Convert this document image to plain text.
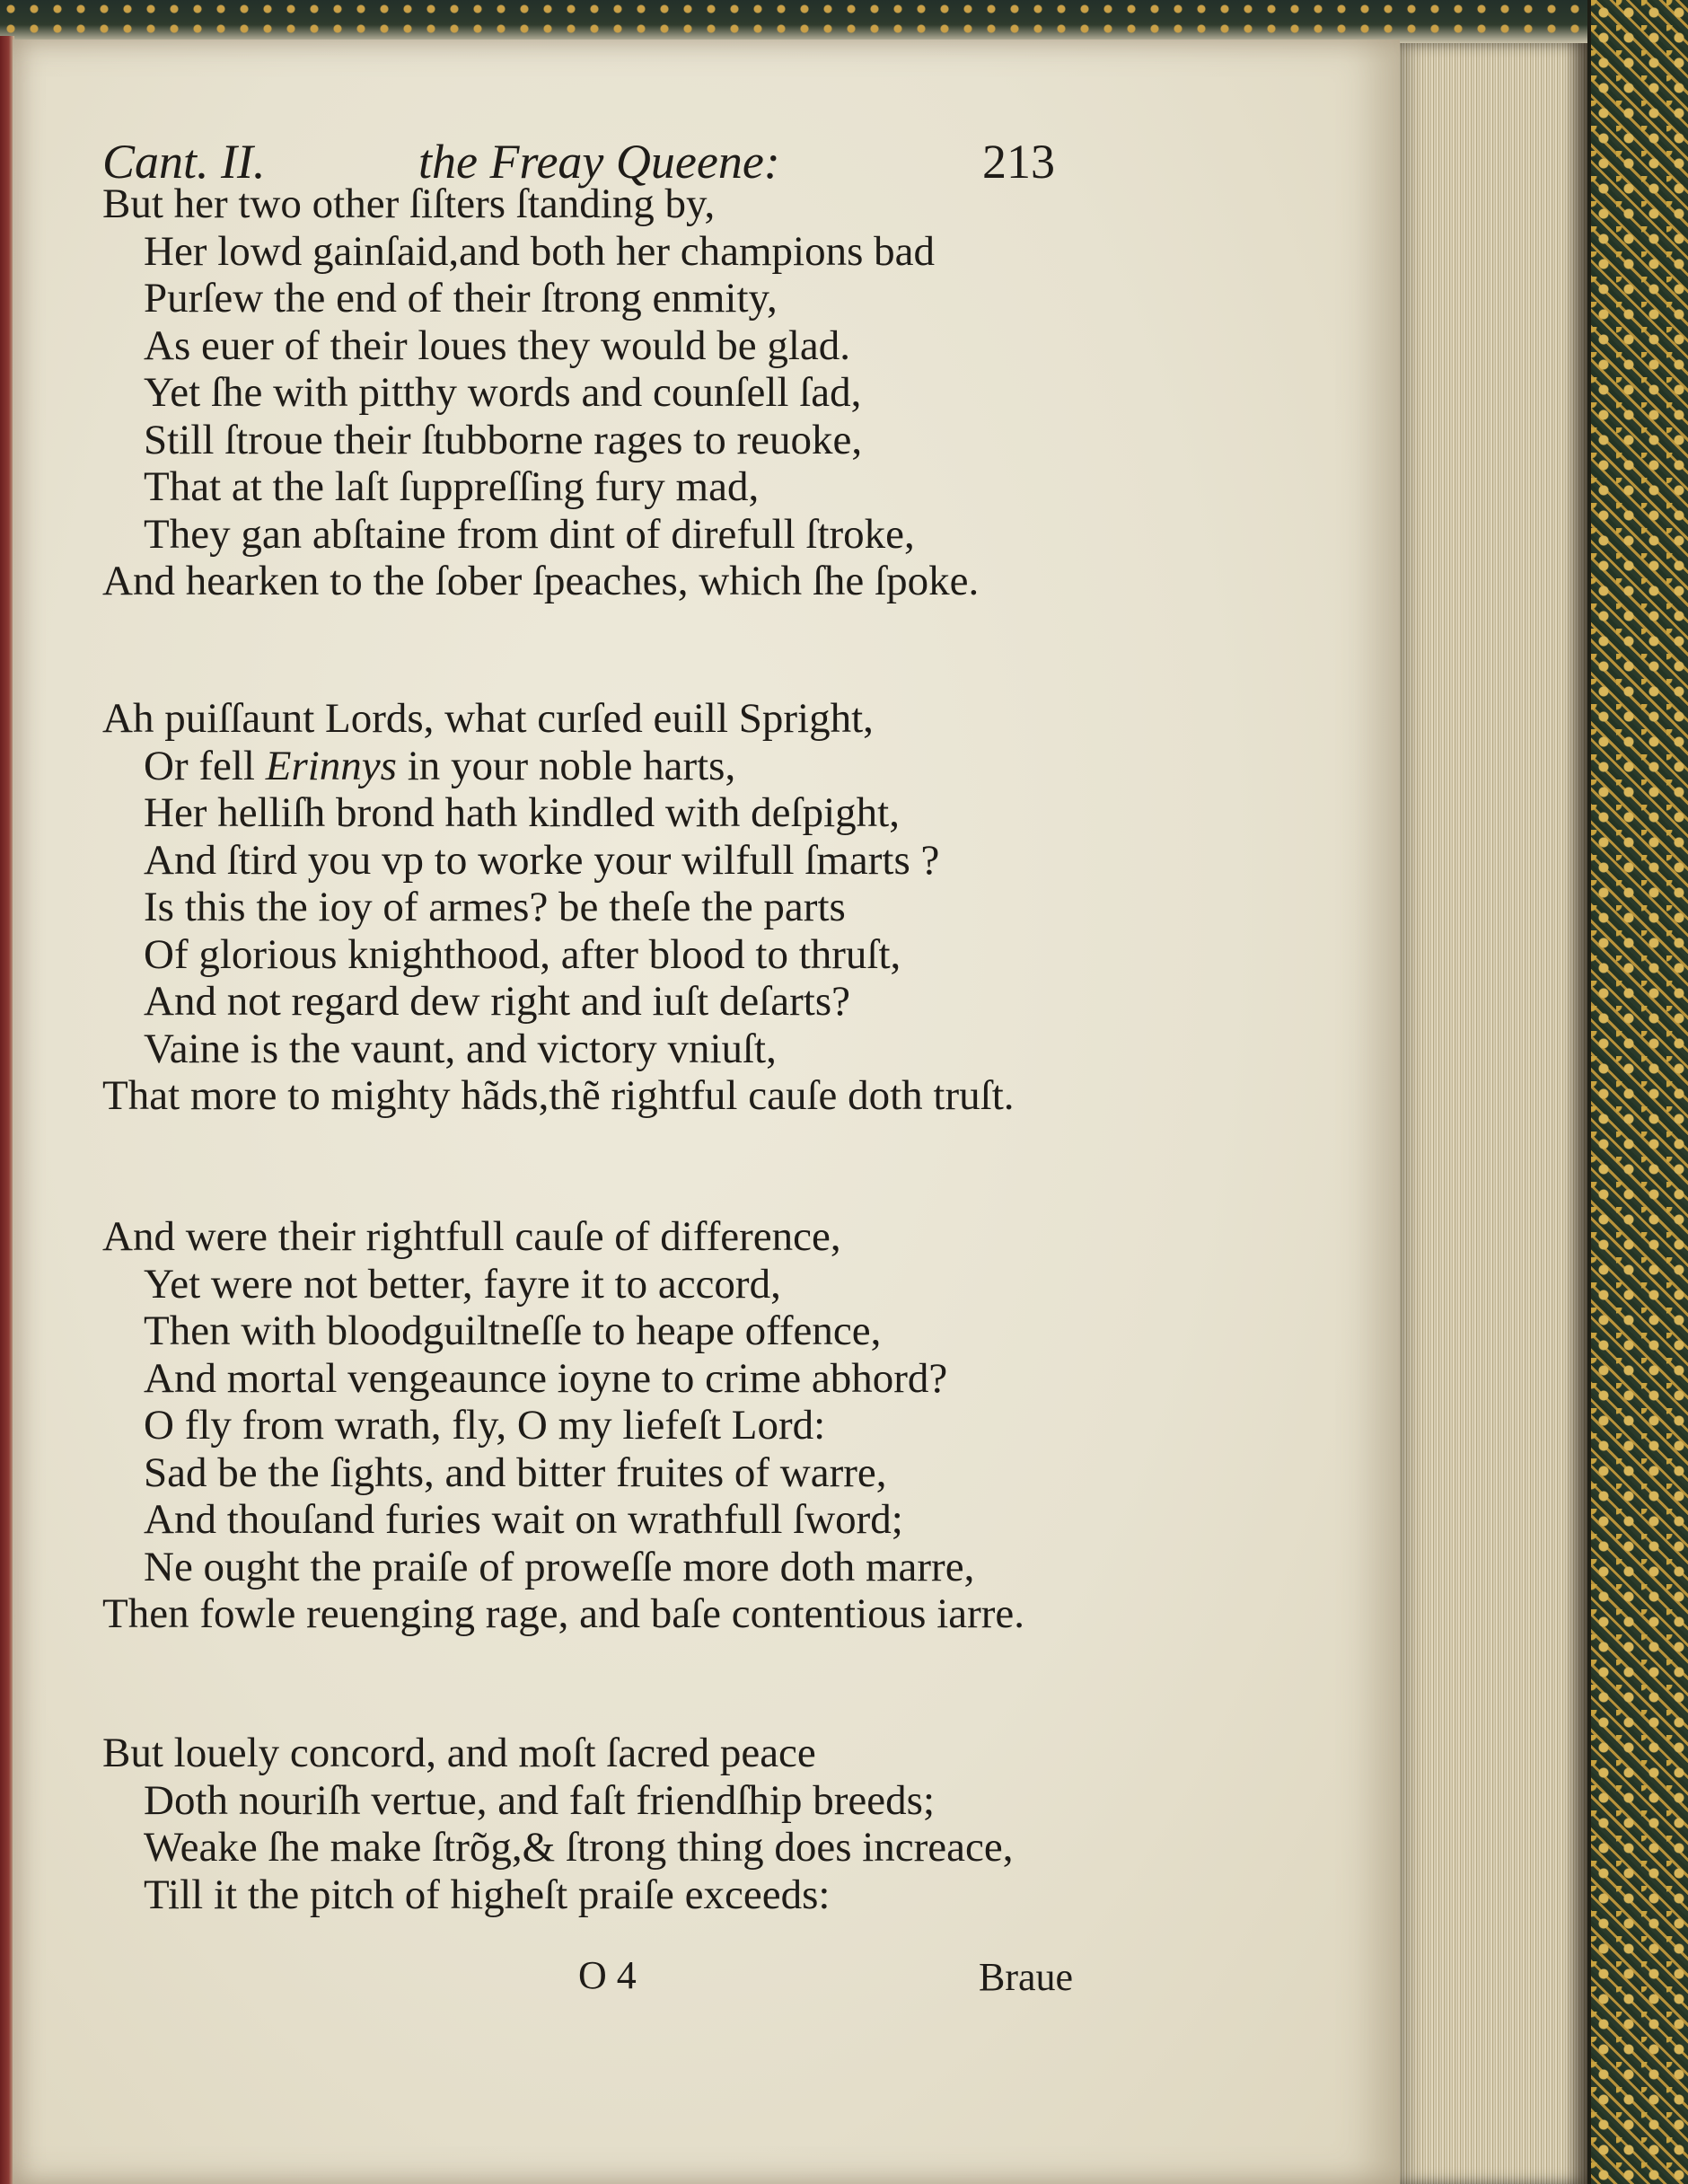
Cant. II.	the Freay Queene:	213
But her two other ſiſters ſtanding by,
Her lowd gainſaid,and both her champions bad
Purſew the end of their ſtrong enmity,
As euer of their loues they would be glad.
Yet ſhe with pitthy words and counſell ſad,
Still ſtroue their ſtubborne rages to reuoke,
That at the laſt ſuppreſſing fury mad,
They gan abſtaine from dint of direfull ſtroke,
And hearken to the ſober ſpeaches, which ſhe ſpoke.
Ah puiſſaunt Lords, what curſed euill Spright,
Or fell Erinnys in your noble harts,
Her helliſh brond hath kindled with deſpight,
And ſtird you vp to worke your wilfull ſmarts ?
Is this the ioy of armes? be theſe the parts
Of glorious knighthood, after blood to thruſt,
And not regard dew right and iuſt deſarts?
Vaine is the vaunt, and victory vniuſt,
That more to mighty hãds,thẽ rightful cauſe doth truſt.
And were their rightfull cauſe of difference,
Yet were not better, fayre it to accord,
Then with bloodguiltneſſe to heape offence,
And mortal vengeaunce ioyne to crime abhord?
O fly from wrath, fly, O my liefeſt Lord:
Sad be the ſights, and bitter fruites of warre,
And thouſand furies wait on wrathfull ſword;
Ne ought the praiſe of proweſſe more doth marre,
Then fowle reuenging rage, and baſe contentious iarre.
But louely concord, and moſt ſacred peace
Doth nouriſh vertue, and faſt friendſhip breeds;
Weake ſhe make ſtrõg,& ſtrong thing does increace,
Till it the pitch of higheſt praiſe exceeds:
O 4	Braue
